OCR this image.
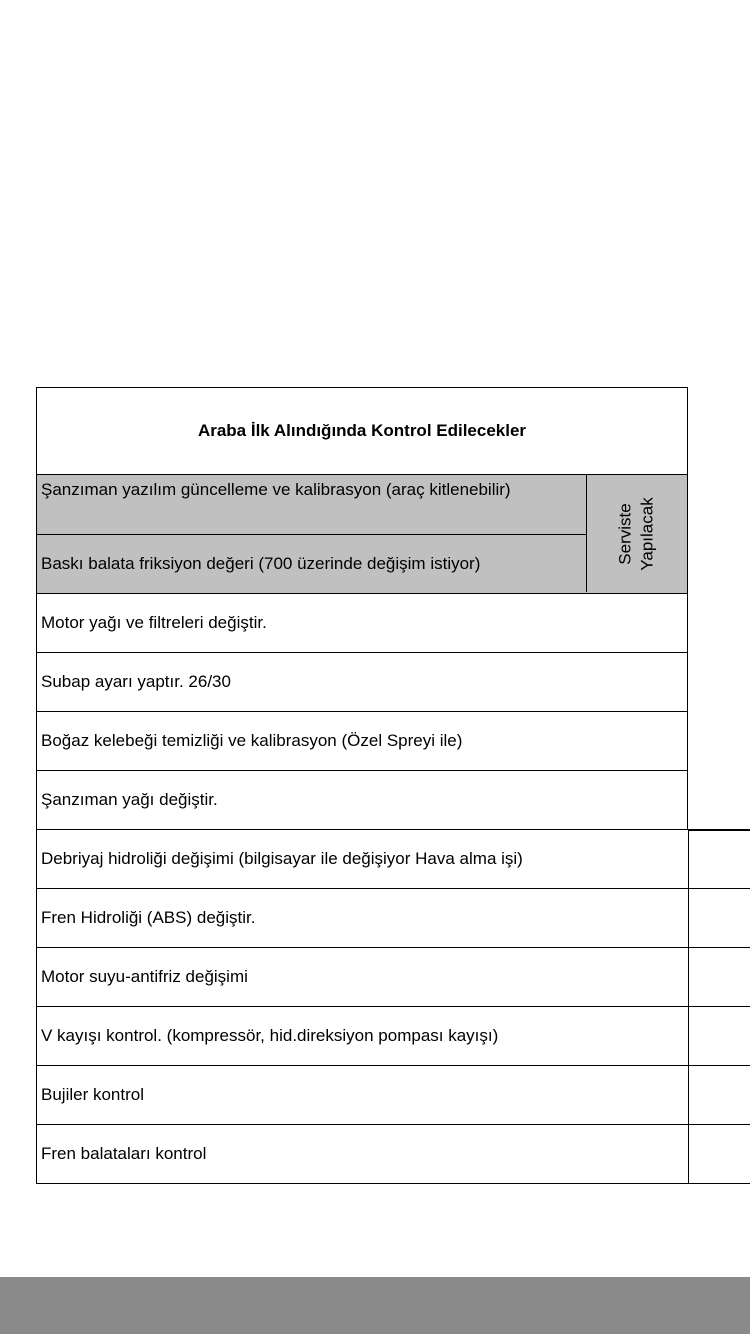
Araba İlk Alındığında Kontrol Edilecekler
Şanzıman yazılım güncelleme ve kalibrasyon (araç kitlenebilir)
Baskı balata friksiyon değeri (700 üzerinde değişim istiyor)	Serviste Yapılacak
Motor yağı ve filtreleri değiştir.
Subap ayarı yaptır. 26/30
Boğaz kelebeği temizliği ve kalibrasyon (Özel Spreyi ile)
Şanzıman yağı değiştir.
Debriyaj hidroliği değişimi (bilgisayar ile değişiyor Hava alma işi)
Fren Hidroliği (ABS) değiştir.
Motor suyu-antifriz değişimi
V kayışı kontrol. (kompressör, hid.direksiyon pompası kayışı)
Bujiler kontrol
Fren balataları kontrol
